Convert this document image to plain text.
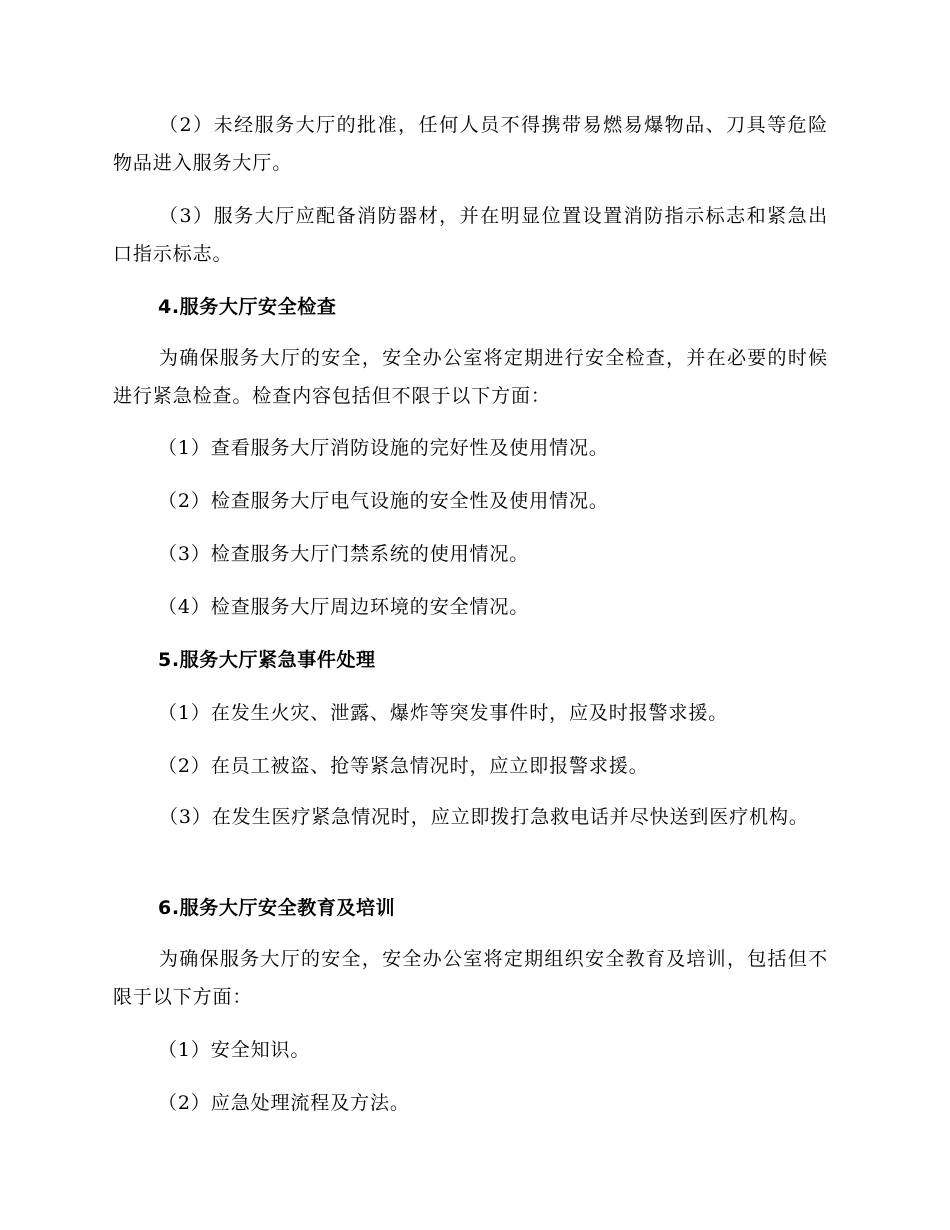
（2）未经服务大厅的批准，任何人员不得携带易燃易爆物品、刀具等危险物品进入服务大厅。
（3）服务大厅应配备消防器材，并在明显位置设置消防指示标志和紧急出口指示标志。
4.服务大厅安全检查
为确保服务大厅的安全，安全办公室将定期进行安全检查，并在必要的时候进行紧急检查。检查内容包括但不限于以下方面：
（1）查看服务大厅消防设施的完好性及使用情况。
（2）检查服务大厅电气设施的安全性及使用情况。
（3）检查服务大厅门禁系统的使用情况。
（4）检查服务大厅周边环境的安全情况。
5.服务大厅紧急事件处理
（1）在发生火灾、泄露、爆炸等突发事件时，应及时报警求援。
（2）在员工被盗、抢等紧急情况时，应立即报警求援。
（3）在发生医疗紧急情况时，应立即拨打急救电话并尽快送到医疗机构。
6.服务大厅安全教育及培训
为确保服务大厅的安全，安全办公室将定期组织安全教育及培训，包括但不限于以下方面：
（1）安全知识。
（2）应急处理流程及方法。
